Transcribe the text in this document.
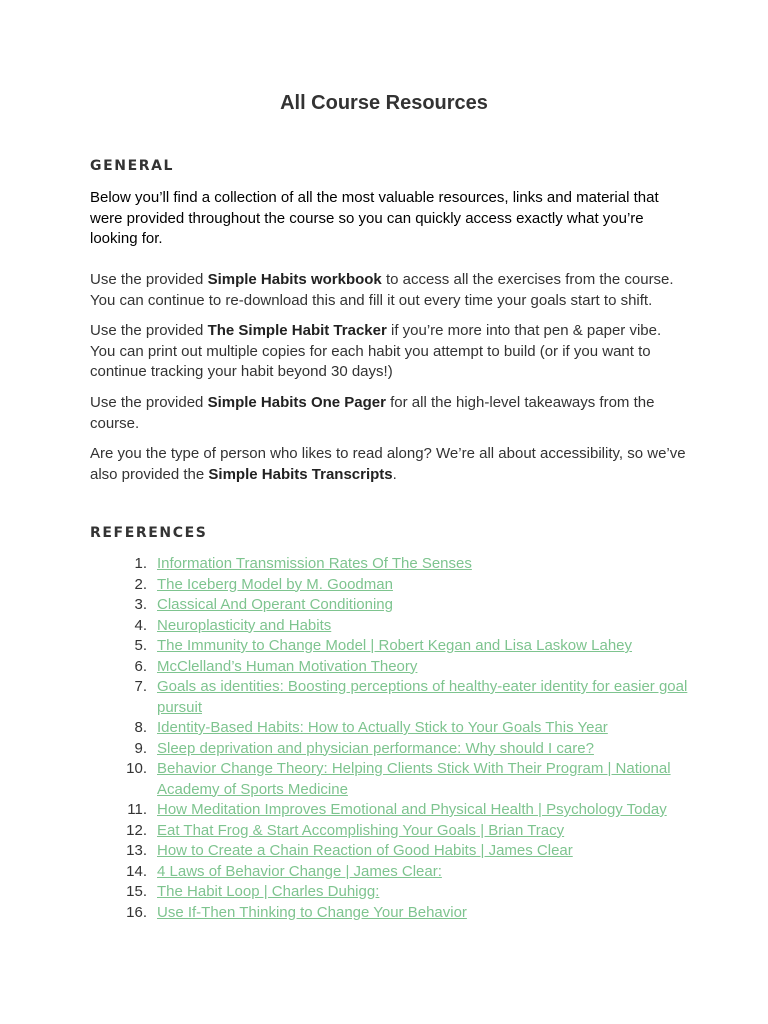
All Course Resources
GENERAL
Below you’ll find a collection of all the most valuable resources, links and material that were provided throughout the course so you can quickly access exactly what you’re looking for.
Use the provided Simple Habits workbook to access all the exercises from the course. You can continue to re-download this and fill it out every time your goals start to shift.
Use the provided The Simple Habit Tracker if you’re more into that pen & paper vibe. You can print out multiple copies for each habit you attempt to build (or if you want to continue tracking your habit beyond 30 days!)
Use the provided Simple Habits One Pager for all the high-level takeaways from the course.
Are you the type of person who likes to read along? We’re all about accessibility, so we’ve also provided the Simple Habits Transcripts.
REFERENCES
1. Information Transmission Rates Of The Senses
2. The Iceberg Model by M. Goodman
3. Classical And Operant Conditioning
4. Neuroplasticity and Habits
5. The Immunity to Change Model | Robert Kegan and Lisa Laskow Lahey
6. McClelland’s Human Motivation Theory
7. Goals as identities: Boosting perceptions of healthy-eater identity for easier goal pursuit
8. Identity-Based Habits: How to Actually Stick to Your Goals This Year
9. Sleep deprivation and physician performance: Why should I care?
10. Behavior Change Theory: Helping Clients Stick With Their Program | National Academy of Sports Medicine
11. How Meditation Improves Emotional and Physical Health | Psychology Today
12. Eat That Frog & Start Accomplishing Your Goals | Brian Tracy
13. How to Create a Chain Reaction of Good Habits | James Clear
14. 4 Laws of Behavior Change | James Clear:
15. The Habit Loop | Charles Duhigg:
16. Use If-Then Thinking to Change Your Behavior
